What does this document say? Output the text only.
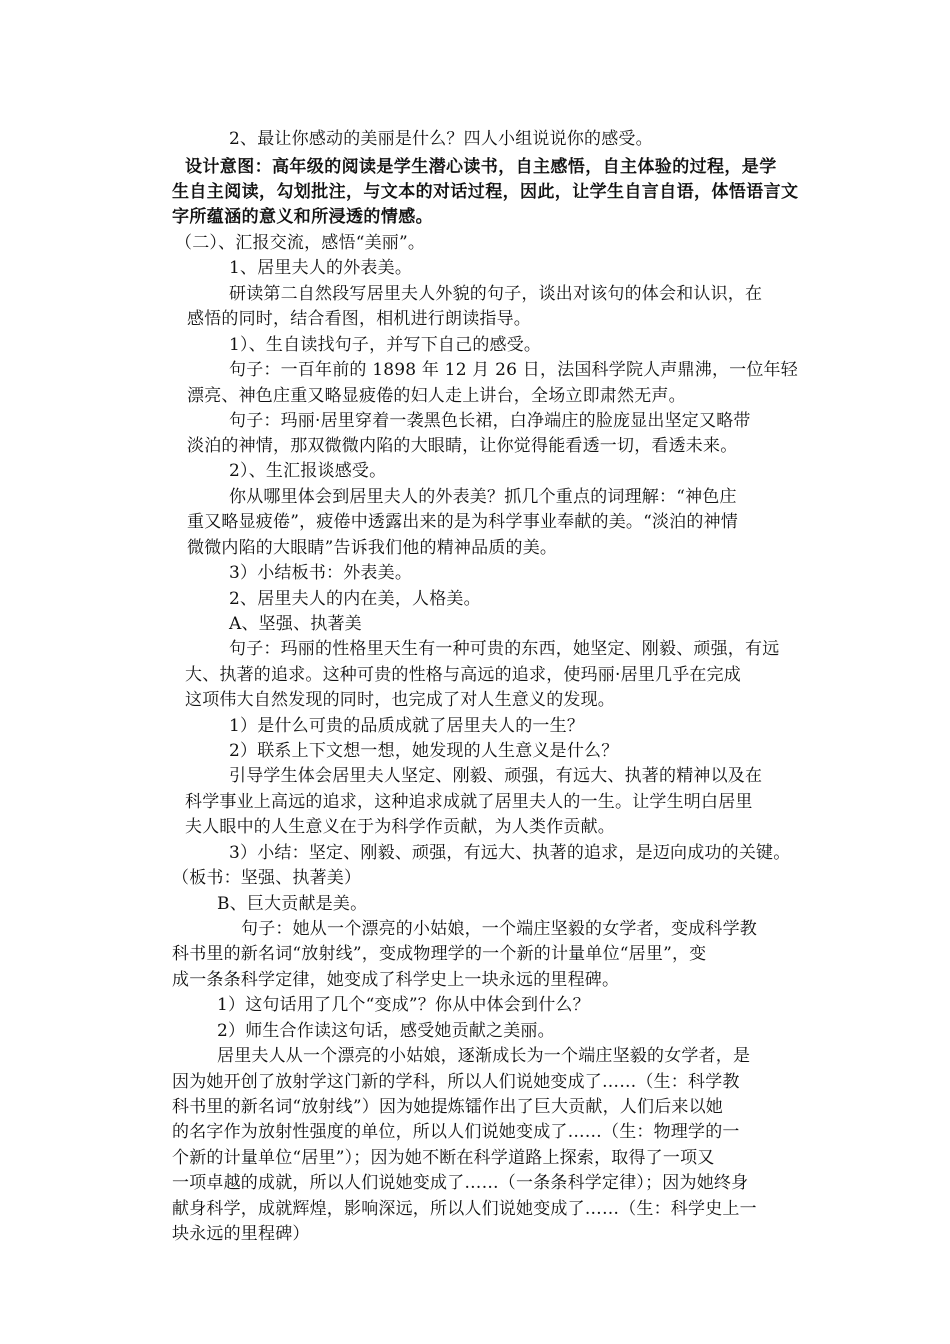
2、最让你感动的美丽是什么？四人小组说说你的感受。
设计意图：高年级的阅读是学生潜心读书，自主感悟，自主体验的过程，是学
生自主阅读，勾划批注，与文本的对话过程，因此，让学生自言自语，体悟语言文
字所蕴涵的意义和所浸透的情感。
（二）、汇报交流，感悟“美丽”。
1、居里夫人的外表美。
研读第二自然段写居里夫人外貌的句子，谈出对该句的体会和认识，在
感悟的同时，结合看图，相机进行朗读指导。
1）、生自读找句子，并写下自己的感受。
句子：一百年前的 1898 年 12 月 26 日，法国科学院人声鼎沸，一位年轻
漂亮、神色庄重又略显疲倦的妇人走上讲台，全场立即肃然无声。
句子：玛丽·居里穿着一袭黑色长裙，白净端庄的脸庞显出坚定又略带
淡泊的神情，那双微微内陷的大眼睛，让你觉得能看透一切，看透未来。
2）、生汇报谈感受。
你从哪里体会到居里夫人的外表美？抓几个重点的词理解：“神色庄
重又略显疲倦”，疲倦中透露出来的是为科学事业奉献的美。“淡泊的神情
微微内陷的大眼睛”告诉我们他的精神品质的美。
3）小结板书：外表美。
2、居里夫人的内在美，人格美。
A、坚强、执著美
句子：玛丽的性格里天生有一种可贵的东西，她坚定、刚毅、顽强，有远
大、执著的追求。这种可贵的性格与高远的追求，使玛丽·居里几乎在完成
这项伟大自然发现的同时，也完成了对人生意义的发现。
1）是什么可贵的品质成就了居里夫人的一生？
2）联系上下文想一想，她发现的人生意义是什么？
引导学生体会居里夫人坚定、刚毅、顽强，有远大、执著的精神以及在
科学事业上高远的追求，这种追求成就了居里夫人的一生。让学生明白居里
夫人眼中的人生意义在于为科学作贡献，为人类作贡献。
3）小结：坚定、刚毅、顽强，有远大、执著的追求，是迈向成功的关键。
（板书：坚强、执著美）
B、巨大贡献是美。
句子：她从一个漂亮的小姑娘，一个端庄坚毅的女学者，变成科学教
科书里的新名词“放射线”，变成物理学的一个新的计量单位“居里”，变
成一条条科学定律，她变成了科学史上一块永远的里程碑。
1）这句话用了几个“变成”？你从中体会到什么？
2）师生合作读这句话，感受她贡献之美丽。
居里夫人从一个漂亮的小姑娘，逐渐成长为一个端庄坚毅的女学者，是
因为她开创了放射学这门新的学科，所以人们说她变成了……（生：科学教
科书里的新名词“放射线”）因为她提炼镭作出了巨大贡献，人们后来以她
的名字作为放射性强度的单位，所以人们说她变成了……（生：物理学的一
个新的计量单位“居里”）；因为她不断在科学道路上探索，取得了一项又
一项卓越的成就，所以人们说她变成了……（一条条科学定律）；因为她终身
献身科学，成就辉煌，影响深远，所以人们说她变成了……（生：科学史上一
块永远的里程碑）
